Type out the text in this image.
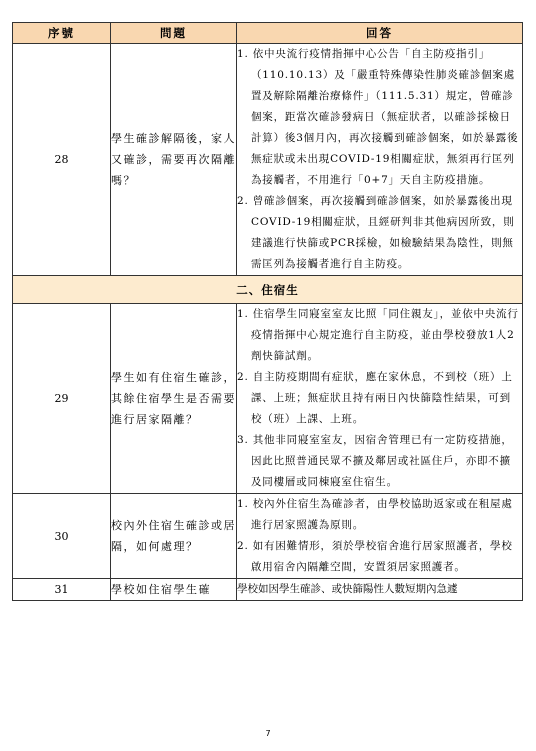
序號	問題	回答
28	學生確診解隔後，家人又確診，需要再次隔離嗎？	1. 依中央流行疫情指揮中心公告「自主防疫指引」（110.10.13）及「嚴重特殊傳染性肺炎確診個案處置及解除隔離治療條件」（111.5.31）規定，曾確診個案，距當次確診發病日（無症狀者，以確診採檢日計算）後3個月內，再次接觸到確診個案，如於暴露後無症狀或未出現COVID-19相關症狀，無須再行匡列為接觸者，不用進行「0+7」天自主防疫措施。
2. 曾確診個案，再次接觸到確診個案，如於暴露後出現COVID-19相關症狀，且經研判非其他病因所致，則建議進行快篩或PCR採檢，如檢驗結果為陰性，則無需匡列為接觸者進行自主防疫。

二、住宿生		
29	學生如有住宿生確診，其餘住宿學生是否需要進行居家隔離？	1. 住宿學生同寢室室友比照「同住親友」，並依中央流行疫情指揮中心規定進行自主防疫，並由學校發放1人2劑快篩試劑。
2. 自主防疫期間有症狀，應在家休息，不到校（班）上課、上班；無症狀且持有兩日內快篩陰性結果，可到校（班）上課、上班。
3. 其他非同寢室室友，因宿舍管理已有一定防疫措施，因此比照普通民眾不擴及鄰居或社區住戶，亦即不擴及同樓層或同棟寢室住宿生。

30	校內外住宿生確診或居隔，如何處理？	1. 校內外住宿生為確診者，由學校協助返家或在租屋處進行居家照護為原則。
2. 如有困難情形，須於學校宿舍進行居家照護者，學校啟用宿舍內隔離空間，安置須居家照護者。

31	學校如住宿學生確	學校如因學生確診、或快篩陽性人數短期內急遽
7
